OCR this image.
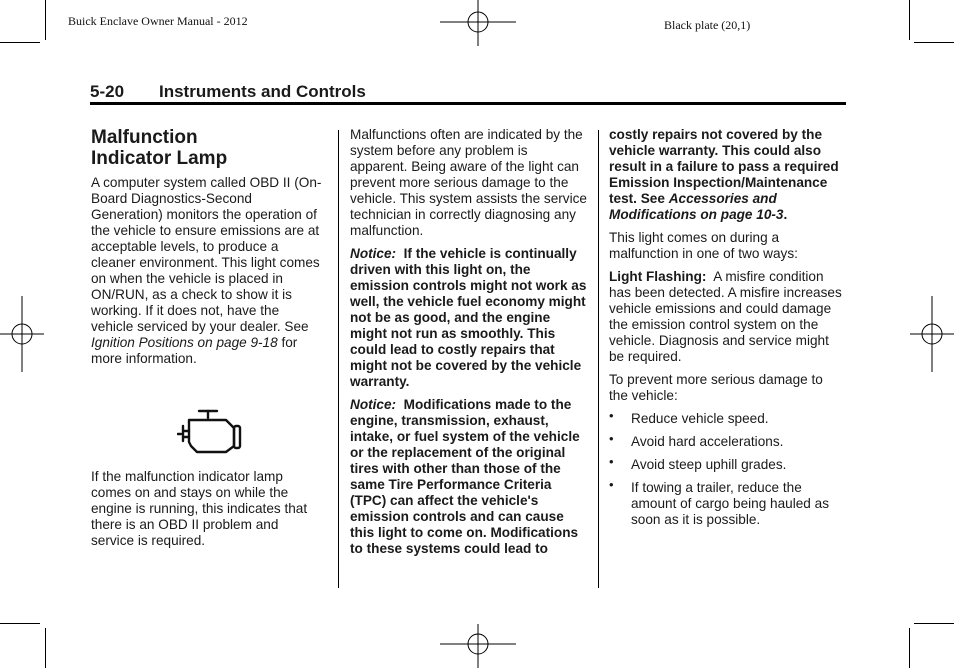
Buick Enclave Owner Manual - 2012	Black plate (20,1)
5-20 Instruments and Controls
Malfunction
Indicator Lamp

A computer system called OBD II (On-Board Diagnostics-Second Generation) monitors the operation of the vehicle to ensure emissions are at acceptable levels, to produce a cleaner environment. This light comes on when the vehicle is placed in ON/RUN, as a check to show it is working. If it does not, have the vehicle serviced by your dealer. See Ignition Positions on page 9-18 for more information.

If the malfunction indicator lamp comes on and stays on while the engine is running, this indicates that there is an OBD II problem and service is required.

Malfunctions often are indicated by the system before any problem is apparent. Being aware of the light can prevent more serious damage to the vehicle. This system assists the service technician in correctly diagnosing any malfunction.

Notice: If the vehicle is continually driven with this light on, the emission controls might not work as well, the vehicle fuel economy might not be as good, and the engine might not run as smoothly. This could lead to costly repairs that might not be covered by the vehicle warranty.

Notice: Modifications made to the engine, transmission, exhaust, intake, or fuel system of the vehicle or the replacement of the original tires with other than those of the same Tire Performance Criteria (TPC) can affect the vehicle's emission controls and can cause this light to come on. Modifications to these systems could lead to

costly repairs not covered by the vehicle warranty. This could also result in a failure to pass a required Emission Inspection/Maintenance test. See Accessories and Modifications on page 10-3.

This light comes on during a malfunction in one of two ways:

Light Flashing: A misfire condition has been detected. A misfire increases vehicle emissions and could damage the emission control system on the vehicle. Diagnosis and service might be required.

To prevent more serious damage to the vehicle:

• Reduce vehicle speed.
• Avoid hard accelerations.
• Avoid steep uphill grades.
• If towing a trailer, reduce the amount of cargo being hauled as soon as it is possible.
